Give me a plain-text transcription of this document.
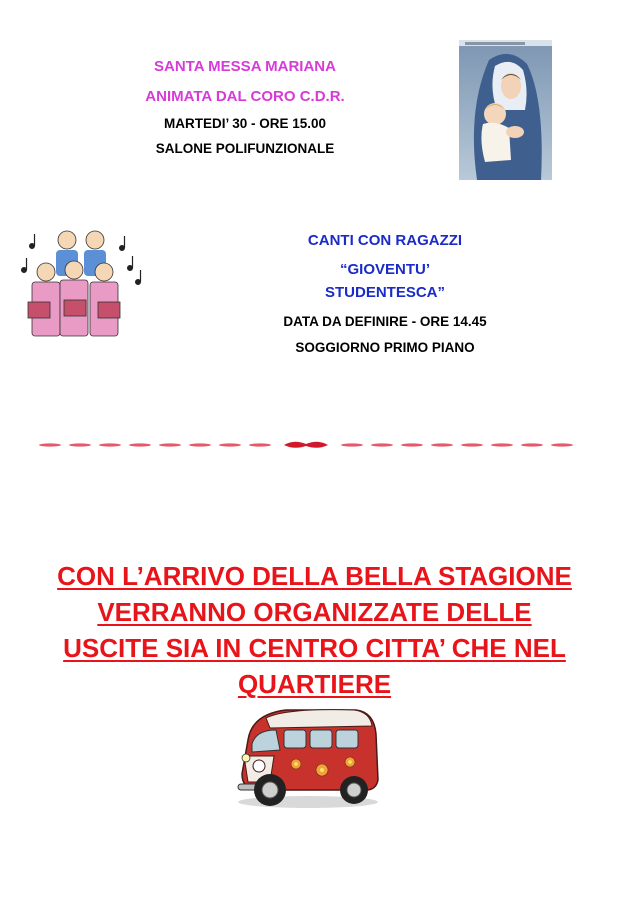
SANTA MESSA MARIANA
ANIMATA DAL CORO C.D.R.
MARTEDI’ 30 - ORE 15.00
SALONE POLIFUNZIONALE
CANTI CON RAGAZZI
“GIOVENTU’
STUDENTESCA”
DATA DA DEFINIRE - ORE 14.45
SOGGIORNO PRIMO PIANO
CON L’ARRIVO DELLA BELLA STAGIONE
VERRANNO ORGANIZZATE DELLE
USCITE SIA IN CENTRO CITTA’ CHE NEL
QUARTIERE
